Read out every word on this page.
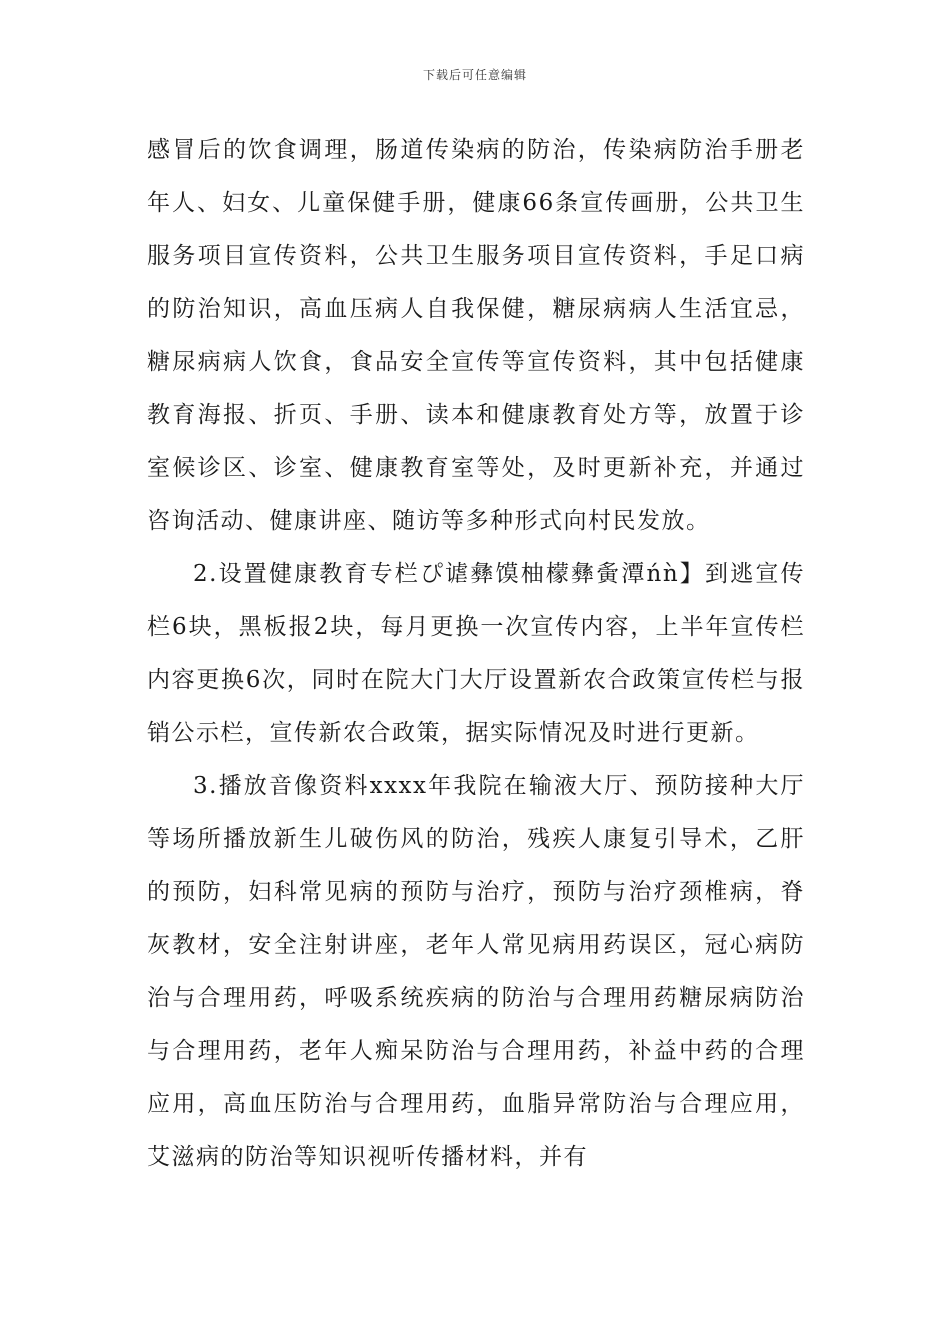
下载后可任意编辑

感冒后的饮食调理，肠道传染病的防治，传染病防治手册老年人、妇女、儿童保健手册，健康66条宣传画册，公共卫生服务项目宣传资料，公共卫生服务项目宣传资料，手足口病的防治知识，高血压病人自我保健，糖尿病病人生活宜忌，糖尿病病人饮食，食品安全宣传等宣传资料，其中包括健康教育海报、折页、手册、读本和健康教育处方等，放置于诊室候诊区、诊室、健康教育室等处，及时更新补充，并通过咨询活动、健康讲座、随访等多种形式向村民发放。

2.设置健康教育专栏ぴ谑彝馍柚檬彝夤潭ńǹ】到逃宣传栏6块，黑板报2块，每月更换一次宣传内容，上半年宣传栏内容更换6次，同时在院大门大厅设置新农合政策宣传栏与报销公示栏，宣传新农合政策，据实际情况及时进行更新。

3.播放音像资料xxxx年我院在输液大厅、预防接种大厅等场所播放新生儿破伤风的防治，残疾人康复引导术，乙肝的预防，妇科常见病的预防与治疗，预防与治疗颈椎病，脊灰教材，安全注射讲座，老年人常见病用药误区，冠心病防治与合理用药，呼吸系统疾病的防治与合理用药糖尿病防治与合理用药，老年人痴呆防治与合理用药，补益中药的合理应用，高血压防治与合理用药，血脂异常防治与合理应用，艾滋病的防治等知识视听传播材料，并有
